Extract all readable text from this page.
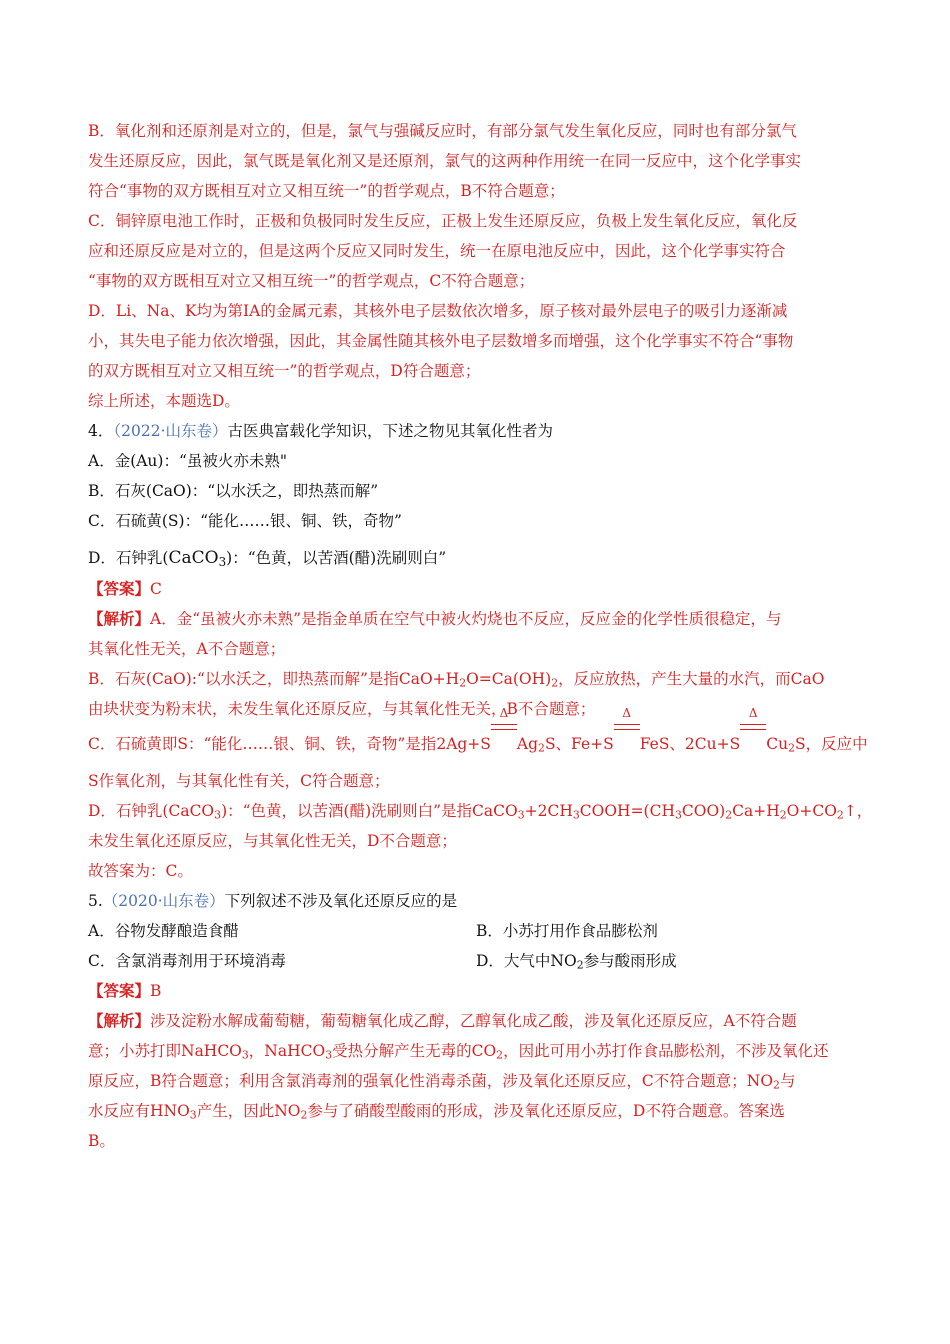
B．氧化剂和还原剂是对立的，但是，氯气与强碱反应时，有部分氯气发生氧化反应，同时也有部分氯气
发生还原反应，因此，氯气既是氧化剂又是还原剂，氯气的这两种作用统一在同一反应中，这个化学事实
符合“事物的双方既相互对立又相互统一”的哲学观点，B不符合题意；
C．铜锌原电池工作时，正极和负极同时发生反应，正极上发生还原反应，负极上发生氧化反应，氧化反
应和还原反应是对立的，但是这两个反应又同时发生，统一在原电池反应中，因此，这个化学事实符合
“事物的双方既相互对立又相互统一”的哲学观点，C不符合题意；
D．Li、Na、K均为第ⅠA的金属元素，其核外电子层数依次增多，原子核对最外层电子的吸引力逐渐减
小，其失电子能力依次增强，因此，其金属性随其核外电子层数增多而增强，这个化学事实不符合“事物
的双方既相互对立又相互统一”的哲学观点，D符合题意；
综上所述，本题选D。
4．（2022·山东卷）古医典富载化学知识，下述之物见其氧化性者为
A．金(Au)：“虽被火亦未熟"
B．石灰(CaO)：“以水沃之，即热蒸而解”
C．石硫黄(S)：“能化……银、铜、铁，奇物”
D．石钟乳(CaCO$_3$)：“色黄，以苦酒(醋)洗刷则白”
【答案】C
【解析】A．金“虽被火亦未熟”是指金单质在空气中被火灼烧也不反应，反应金的化学性质很稳定，与
其氧化性无关，A不合题意；
B．石灰(CaO):“以水沃之，即热蒸而解”是指$CaO+H_2O=Ca(OH)_2$，反应放热，产生大量的水汽，而CaO
由块状变为粉末状，未发生氧化还原反应，与其氧化性无关，B不合题意；
C．石硫黄即S：“能化……银、铜、铁，奇物”是指2Ag+S Δ $Ag_2S$、Fe+S Δ FeS、2Cu+S Δ $Cu_2S$，反应中
S作氧化剂，与其氧化性有关，C符合题意；
D．石钟乳(CaCO$_3$)：“色黄，以苦酒(醋)洗刷则白”是指$CaCO_3+2CH_3COOH=(CH_3COO)_2Ca+H_2O+CO_2↑$，
未发生氧化还原反应，与其氧化性无关，D不合题意；
故答案为：C。
5.（2020·山东卷）下列叙述不涉及氧化还原反应的是
A．谷物发酵酿造食醋	B．小苏打用作食品膨松剂
C．含氯消毒剂用于环境消毒	D．大气中$NO_2$参与酸雨形成
【答案】B
【解析】涉及淀粉水解成葡萄糖，葡萄糖氧化成乙醇，乙醇氧化成乙酸，涉及氧化还原反应，A不符合题
意；小苏打即NaHCO$_3$，NaHCO$_3$受热分解产生无毒的$CO_2$，因此可用小苏打作食品膨松剂，不涉及氧化还
原反应，B符合题意；利用含氯消毒剂的强氧化性消毒杀菌，涉及氧化还原反应，C不符合题意；$NO_2$与
水反应有$HNO_3$产生，因此$NO_2$参与了硝酸型酸雨的形成，涉及氧化还原反应，D不符合题意。答案选
B。
